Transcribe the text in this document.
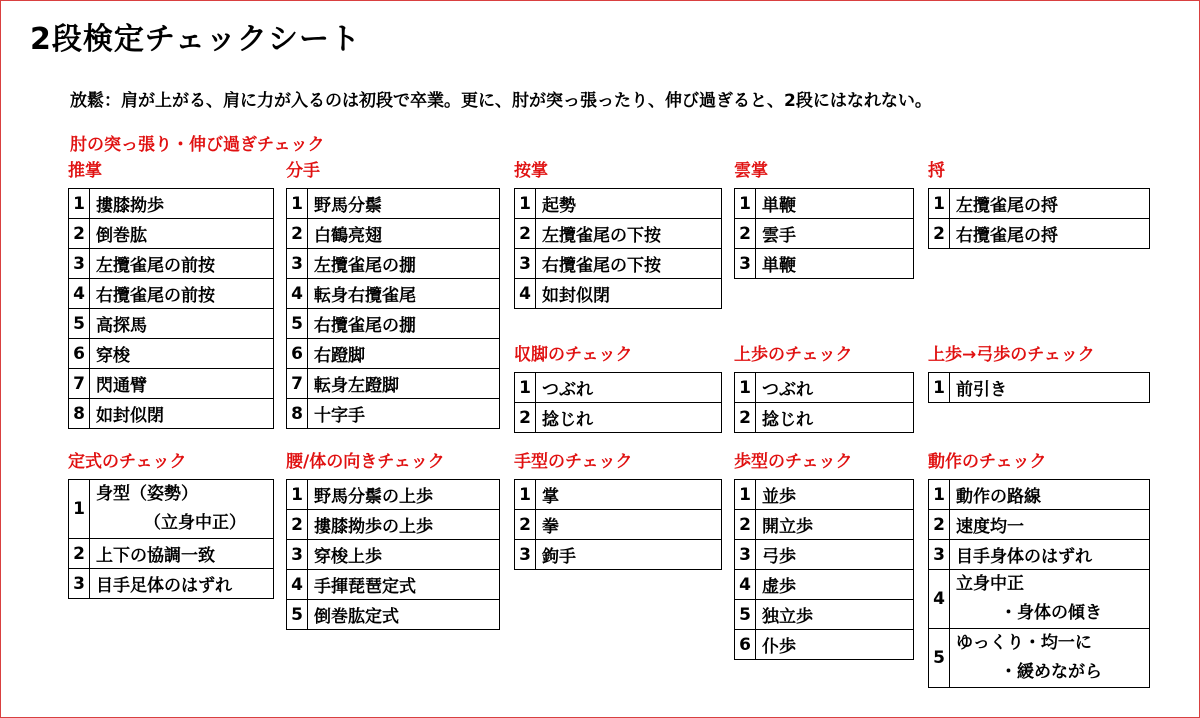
2段検定チェックシート
放鬆：肩が上がる、肩に力が入るのは初段で卒業。更に、肘が突っ張ったり、伸び過ぎると、2段にはなれない。
肘の突っ張り・伸び過ぎチェック
推掌
1	摟膝拗歩
2	倒巻肱
3	左攬雀尾の前按
4	右攬雀尾の前按
5	高探馬
6	穿梭
7	閃通臂
8	如封似閉
分手
1	野馬分鬃
2	白鶴亮翅
3	左攬雀尾の掤
4	転身右攬雀尾
5	右攬雀尾の掤
6	右蹬脚
7	転身左蹬脚
8	十字手
按掌
1	起勢
2	左攬雀尾の下按
3	右攬雀尾の下按
4	如封似閉
雲掌
1	単鞭
2	雲手
3	単鞭
捋
1	左攬雀尾の捋
2	右攬雀尾の捋
収脚のチェック
1	つぶれ
2	捻じれ
上歩のチェック
1	つぶれ
2	捻じれ
上歩→弓歩のチェック
1	前引き
定式のチェック
1	身型（姿勢）
（立身中正）

2	上下の協調一致
3	目手足体のはずれ
腰/体の向きチェック
1	野馬分鬃の上歩
2	摟膝拗歩の上歩
3	穿梭上歩
4	手揮琵琶定式
5	倒巻肱定式
手型のチェック
1	掌
2	拳
3	鉤手
歩型のチェック
1	並歩
2	開立歩
3	弓歩
4	虚歩
5	独立歩
6	仆歩
動作のチェック
1	動作の路線
2	速度均一
3	目手身体のはずれ
4	立身中正
・身体の傾き

5	ゆっくり・均一に
・緩めながら
